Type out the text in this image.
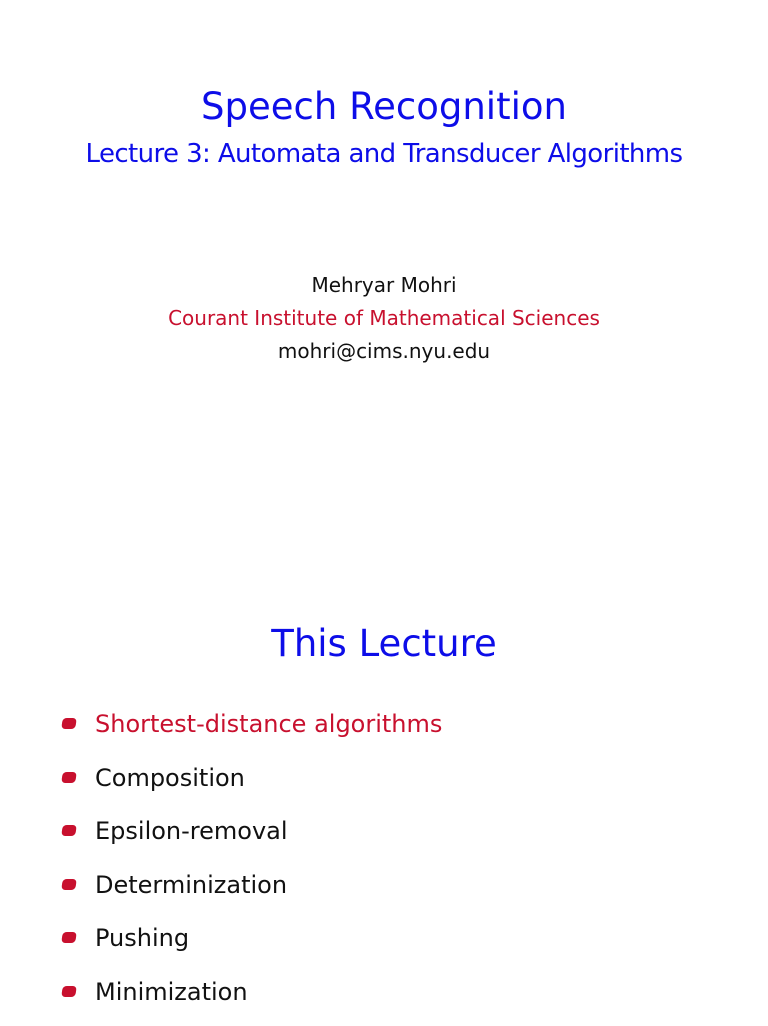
Speech Recognition
Lecture 3: Automata and Transducer Algorithms
Mehryar Mohri
Courant Institute of Mathematical Sciences
mohri@cims.nyu.edu
This Lecture
Shortest-distance algorithms
Composition
Epsilon-removal
Determinization
Pushing
Minimization
